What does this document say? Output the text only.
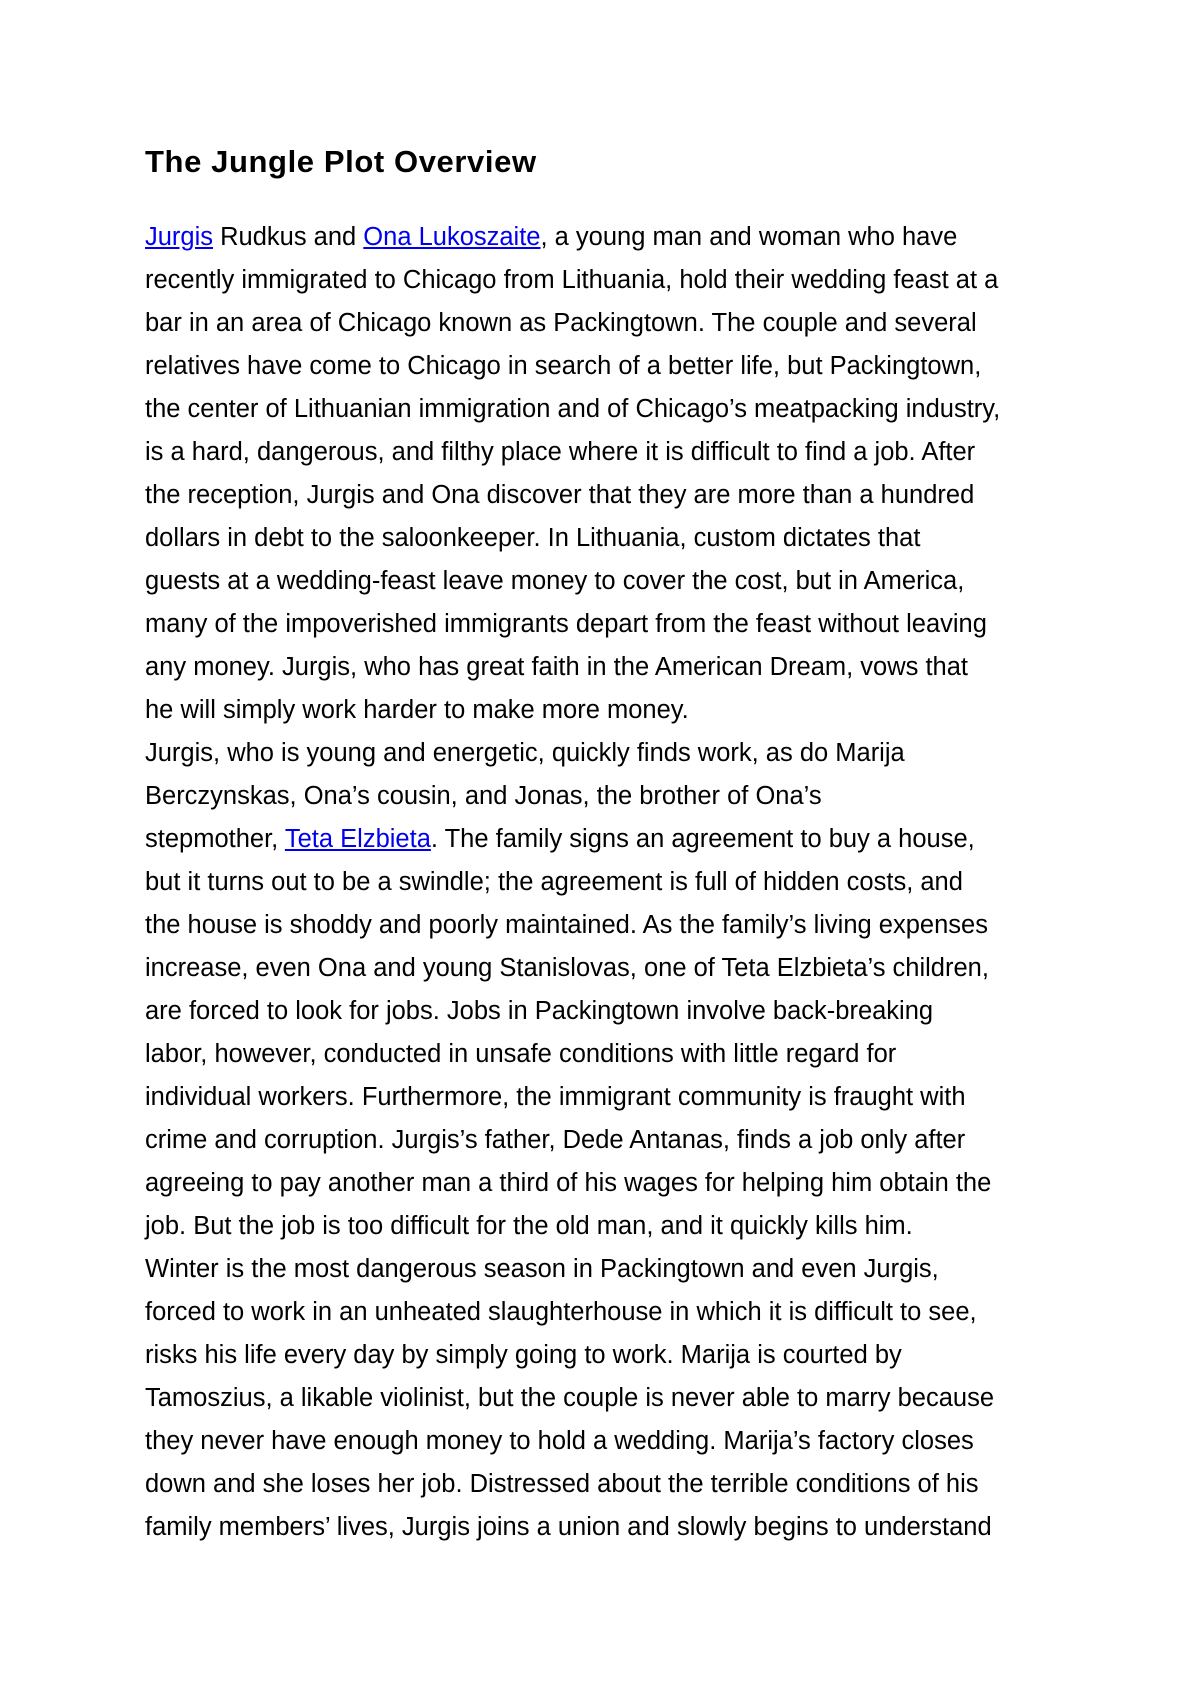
The Jungle Plot Overview
Jurgis Rudkus and Ona Lukoszaite, a young man and woman who have
recently immigrated to Chicago from Lithuania, hold their wedding feast at a
bar in an area of Chicago known as Packingtown. The couple and several
relatives have come to Chicago in search of a better life, but Packingtown,
the center of Lithuanian immigration and of Chicago’s meatpacking industry,
is a hard, dangerous, and filthy place where it is difficult to find a job. After
the reception, Jurgis and Ona discover that they are more than a hundred
dollars in debt to the saloonkeeper. In Lithuania, custom dictates that
guests at a wedding-feast leave money to cover the cost, but in America,
many of the impoverished immigrants depart from the feast without leaving
any money. Jurgis, who has great faith in the American Dream, vows that
he will simply work harder to make more money.
Jurgis, who is young and energetic, quickly finds work, as do Marija
Berczynskas, Ona’s cousin, and Jonas, the brother of Ona’s
stepmother, Teta Elzbieta. The family signs an agreement to buy a house,
but it turns out to be a swindle; the agreement is full of hidden costs, and
the house is shoddy and poorly maintained. As the family’s living expenses
increase, even Ona and young Stanislovas, one of Teta Elzbieta’s children,
are forced to look for jobs. Jobs in Packingtown involve back-breaking
labor, however, conducted in unsafe conditions with little regard for
individual workers. Furthermore, the immigrant community is fraught with
crime and corruption. Jurgis’s father, Dede Antanas, finds a job only after
agreeing to pay another man a third of his wages for helping him obtain the
job. But the job is too difficult for the old man, and it quickly kills him.
Winter is the most dangerous season in Packingtown and even Jurgis,
forced to work in an unheated slaughterhouse in which it is difficult to see,
risks his life every day by simply going to work. Marija is courted by
Tamoszius, a likable violinist, but the couple is never able to marry because
they never have enough money to hold a wedding. Marija’s factory closes
down and she loses her job. Distressed about the terrible conditions of his
family members’ lives, Jurgis joins a union and slowly begins to understand
